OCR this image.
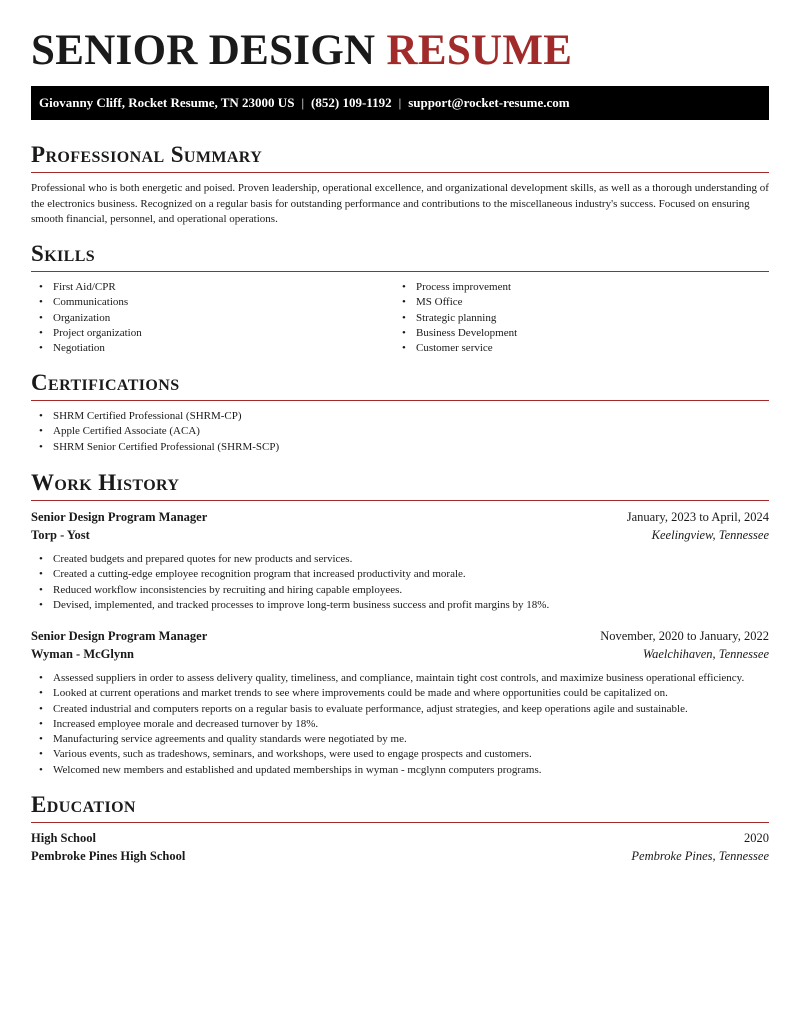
SENIOR DESIGN RESUME
Giovanny Cliff, Rocket Resume, TN 23000 US | (852) 109-1192 | support@rocket-resume.com
Professional Summary

Professional who is both energetic and poised. Proven leadership, operational excellence, and organizational development skills, as well as a thorough understanding of the electronics business. Recognized on a regular basis for outstanding performance and contributions to the miscellaneous industry's success. Focused on ensuring smooth financial, personnel, and operational operations.

Skills
• First Aid/CPR
• Communications
• Organization
• Project organization
• Negotiation
• Process improvement
• MS Office
• Strategic planning
• Business Development
• Customer service
Certifications
• SHRM Certified Professional (SHRM-CP)
• Apple Certified Associate (ACA)
• SHRM Senior Certified Professional (SHRM-SCP)
Work History
Senior Design Program Manager	January, 2023 to April, 2024
Torp - Yost	Keelingview, Tennessee
• Created budgets and prepared quotes for new products and services.
• Created a cutting-edge employee recognition program that increased productivity and morale.
• Reduced workflow inconsistencies by recruiting and hiring capable employees.
• Devised, implemented, and tracked processes to improve long-term business success and profit margins by 18%.
Senior Design Program Manager	November, 2020 to January, 2022
Wyman - McGlynn	Waelchihaven, Tennessee
• Assessed suppliers in order to assess delivery quality, timeliness, and compliance, maintain tight cost controls, and maximize business operational efficiency.
• Looked at current operations and market trends to see where improvements could be made and where opportunities could be capitalized on.
• Created industrial and computers reports on a regular basis to evaluate performance, adjust strategies, and keep operations agile and sustainable.
• Increased employee morale and decreased turnover by 18%.
• Manufacturing service agreements and quality standards were negotiated by me.
• Various events, such as tradeshows, seminars, and workshops, were used to engage prospects and customers.
• Welcomed new members and established and updated memberships in wyman - mcglynn computers programs.
Education
High School	2020
Pembroke Pines High School	Pembroke Pines, Tennessee
